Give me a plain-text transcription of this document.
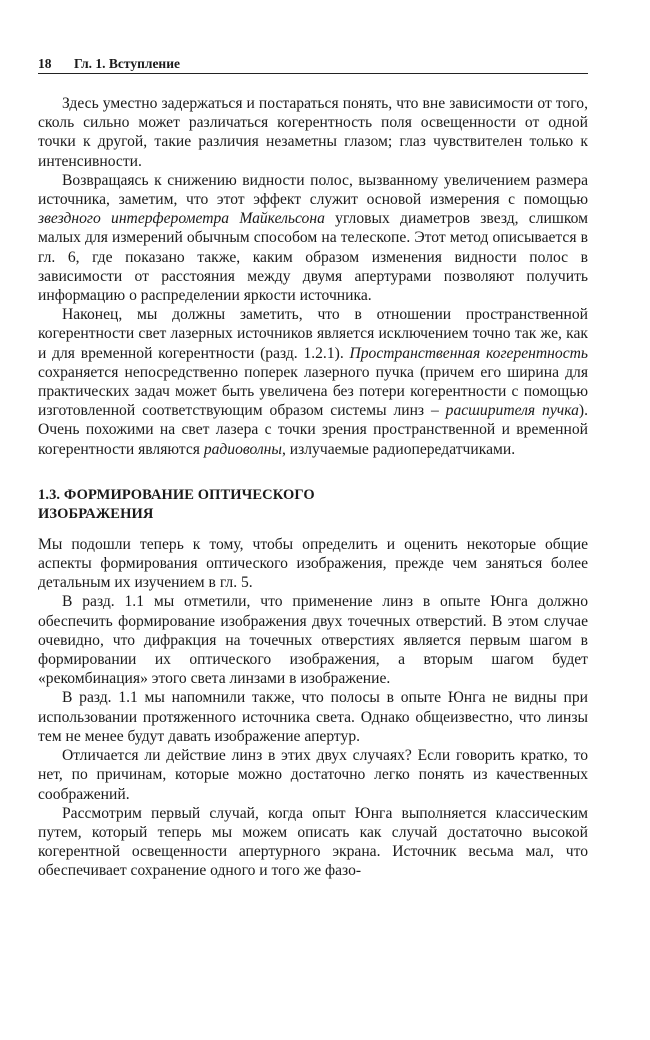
18 Гл. 1. Вступление

Здесь уместно задержаться и постараться понять, что вне зависимости от того, сколь сильно может различаться когерентность поля освещенности от одной точки к другой, такие различия незаметны глазом; глаз чувствителен только к интенсивности.

Возвращаясь к снижению видности полос, вызванному увеличением размера источника, заметим, что этот эффект служит основой измерения с помощью звездного интерферометра Майкельсона угловых диаметров звезд, слишком малых для измерений обычным способом на телескопе. Этот метод описывается в гл. 6, где показано также, каким образом изменения видности полос в зависимости от расстояния между двумя апертурами позволяют получить информацию о распределении яркости источника.

Наконец, мы должны заметить, что в отношении пространственной когерентности свет лазерных источников является исключением точно так же, как и для временной когерентности (разд. 1.2.1). Пространственная когерентность сохраняется непосредственно поперек лазерного пучка (причем его ширина для практических задач может быть увеличена без потери когерентности с помощью изготовленной соответствующим образом системы линз – расширителя пучка). Очень похожими на свет лазера с точки зрения пространственной и временной когерентности являются радиоволны, излучаемые радиопередатчиками.

1.3. ФОРМИРОВАНИЕ ОПТИЧЕСКОГО
ИЗОБРАЖЕНИЯ

Мы подошли теперь к тому, чтобы определить и оценить некоторые общие аспекты формирования оптического изображения, прежде чем заняться более детальным их изучением в гл. 5.

В разд. 1.1 мы отметили, что применение линз в опыте Юнга должно обеспечить формирование изображения двух точечных отверстий. В этом случае очевидно, что дифракция на точечных отверстиях является первым шагом в формировании их оптического изображения, а вторым шагом будет «рекомбинация» этого света линзами в изображение.

В разд. 1.1 мы напомнили также, что полосы в опыте Юнга не видны при использовании протяженного источника света. Однако общеизвестно, что линзы тем не менее будут давать изображение апертур.

Отличается ли действие линз в этих двух случаях? Если говорить кратко, то нет, по причинам, которые можно достаточно легко понять из качественных соображений.

Рассмотрим первый случай, когда опыт Юнга выполняется классическим путем, который теперь мы можем описать как случай достаточно высокой когерентной освещенности апертурного экрана. Источник весьма мал, что обеспечивает сохранение одного и того же фазо-
